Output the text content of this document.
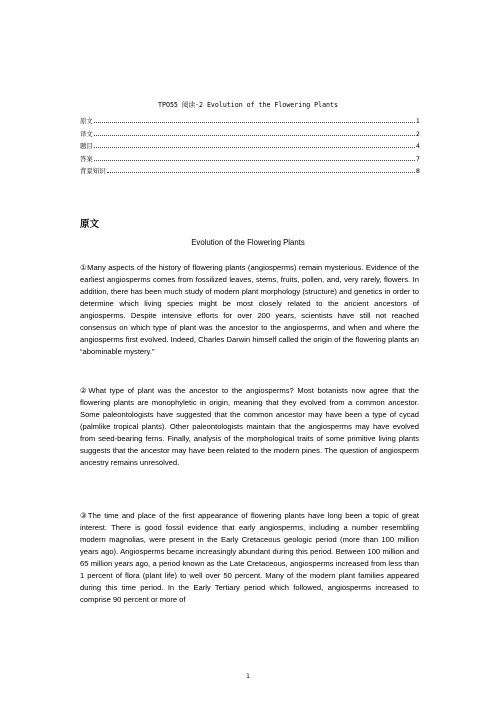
TPO55 阅读-2 Evolution of the Flowering Plants
原文	1
译文	2
题目	4
答案	7
背景知识	8
原文
Evolution of the Flowering Plants
①Many aspects of the history of flowering plants (angiosperms) remain mysterious. Evidence of the earliest angiosperms comes from fossilized leaves, stems, fruits, pollen, and, very rarely, flowers. In addition, there has been much study of modern plant morphology (structure) and genetics in order to determine which living species might be most closely related to the ancient ancestors of angiosperms. Despite intensive efforts for over 200 years, scientists have still not reached consensus on which type of plant was the ancestor to the angiosperms, and when and where the angiosperms first evolved. Indeed, Charles Darwin himself called the origin of the flowering plants an “abominable mystery.”
②What type of plant was the ancestor to the angiosperms? Most botanists now agree that the flowering plants are monophyletic in origin, meaning that they evolved from a common ancestor. Some paleontologists have suggested that the common ancestor may have been a type of cycad (palmlike tropical plants). Other paleontologists maintain that the angiosperms may have evolved from seed-bearing ferns. Finally, analysis of the morphological traits of some primitive living plants suggests that the ancestor may have been related to the modern pines. The question of angiosperm ancestry remains unresolved.
③The time and place of the first appearance of flowering plants have long been a topic of great interest. There is good fossil evidence that early angiosperms, including a number resembling modern magnolias, were present in the Early Cretaceous geologic period (more than 100 million years ago). Angiosperms became increasingly abundant during this period. Between 100 million and 65 million years ago, a period known as the Late Cretaceous, angiosperms increased from less than 1 percent of flora (plant life) to well over 50 percent. Many of the modern plant families appeared during this time period. In the Early Tertiary period which followed, angiosperms increased to comprise 90 percent or more of
1
